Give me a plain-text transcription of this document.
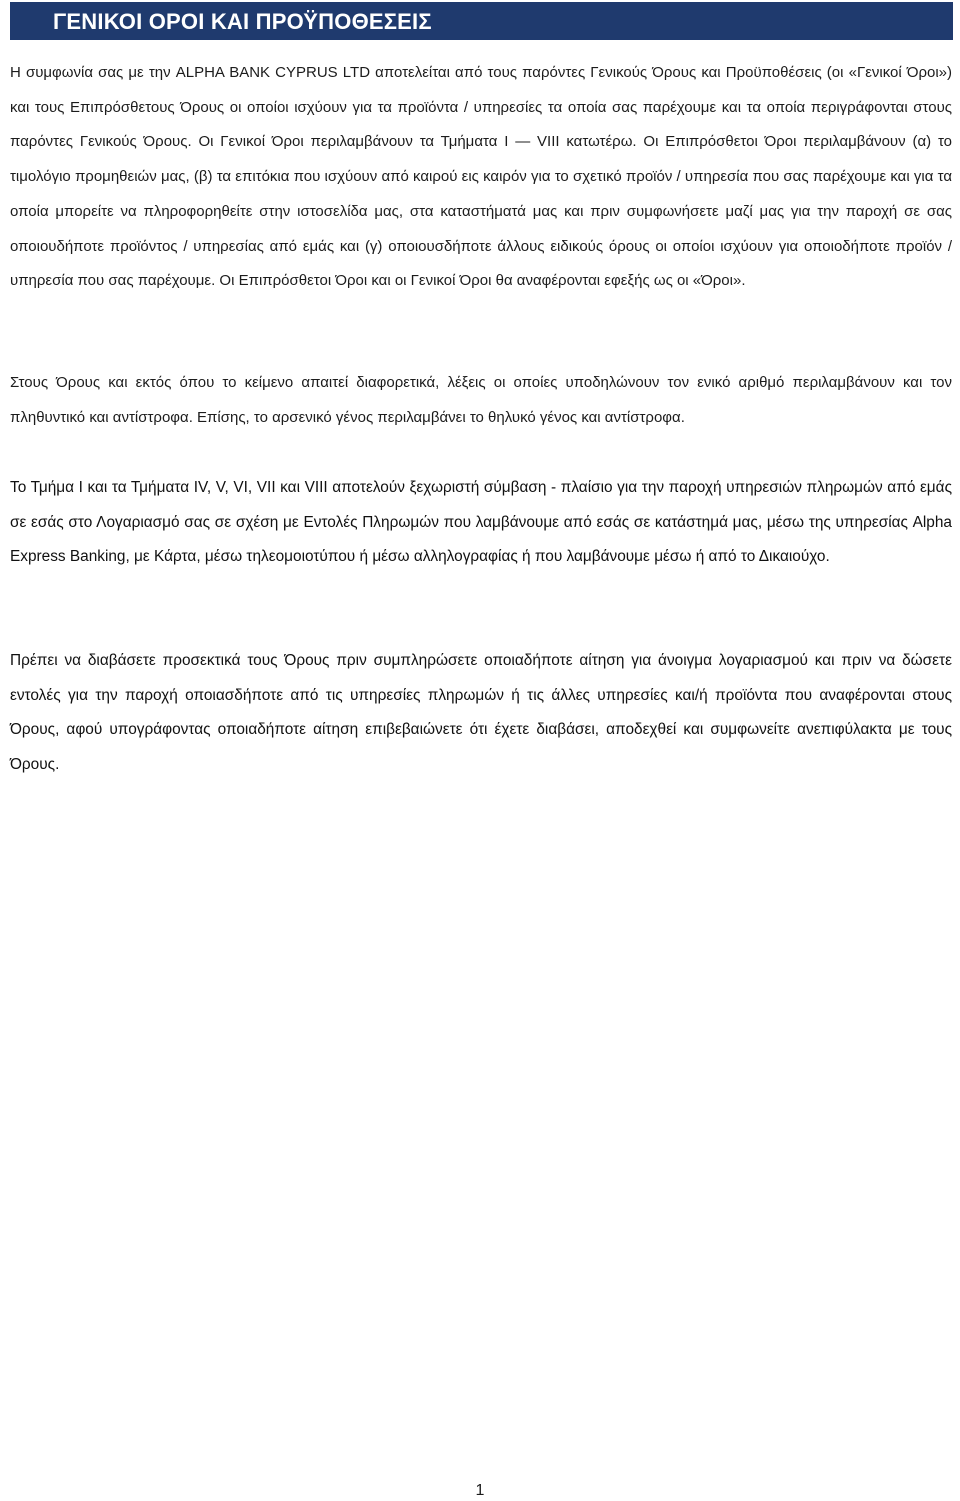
ΓΕΝΙΚΟΙ ΟΡΟΙ ΚΑΙ ΠΡΟΫΠΟΘΕΣΕΙΣ

Η συμφωνία σας με την ALPHA BANK CYPRUS LTD αποτελείται από τους παρόντες Γενικούς Όρους και Προϋποθέσεις (οι «Γενικοί Όροι») και τους Επιπρόσθετους Όρους οι οποίοι ισχύουν για τα προϊόντα / υπηρεσίες τα οποία σας παρέχουμε και τα οποία περιγράφονται στους παρόντες Γενικούς Όρους. Οι Γενικοί Όροι περιλαμβάνουν τα Τμήματα Ι — VIII κατωτέρω. Οι Επιπρόσθετοι Όροι περιλαμβάνουν (α) το τιμολόγιο προμηθειών μας, (β) τα επιτόκια που ισχύουν από καιρού εις καιρόν για το σχετικό προϊόν / υπηρεσία που σας παρέχουμε και για τα οποία μπορείτε να πληροφορηθείτε στην ιστοσελίδα μας, στα καταστήματά μας και πριν συμφωνήσετε μαζί μας για την παροχή σε σας οποιουδήποτε προϊόντος / υπηρεσίας από εμάς και (γ) οποιουσδήποτε άλλους ειδικούς όρους οι οποίοι ισχύουν για οποιοδήποτε προϊόν / υπηρεσία που σας παρέχουμε. Οι Επιπρόσθετοι Όροι και οι Γενικοί Όροι θα αναφέρονται εφεξής ως οι «Όροι».

Στους Όρους και εκτός όπου το κείμενο απαιτεί διαφορετικά, λέξεις οι οποίες υποδηλώνουν τον ενικό αριθμό περιλαμβάνουν και τον πληθυντικό και αντίστροφα. Επίσης, το αρσενικό γένος περιλαμβάνει το θηλυκό γένος και αντίστροφα.

Το Τμήμα Ι και τα Τμήματα IV, V, VI, VII και VIII αποτελούν ξεχωριστή σύμβαση - πλαίσιο για την παροχή υπηρεσιών πληρωμών από εμάς σε εσάς στο Λογαριασμό σας σε σχέση με Εντολές Πληρωμών που λαμβάνουμε από εσάς σε κατάστημά μας, μέσω της υπηρεσίας Alpha Express Banking, με Κάρτα, μέσω τηλεομοιοτύπου ή μέσω αλληλογραφίας ή που λαμβάνουμε μέσω ή από το Δικαιούχο.

Πρέπει να διαβάσετε προσεκτικά τους Όρους πριν συμπληρώσετε οποιαδήποτε αίτηση για άνοιγμα λογαριασμού και πριν να δώσετε εντολές για την παροχή οποιασδήποτε από τις υπηρεσίες πληρωμών ή τις άλλες υπηρεσίες και/ή προϊόντα που αναφέρονται στους Όρους, αφού υπογράφοντας οποιαδήποτε αίτηση επιβεβαιώνετε ότι έχετε διαβάσει, αποδεχθεί και συμφωνείτε ανεπιφύλακτα με τους Όρους.

1
